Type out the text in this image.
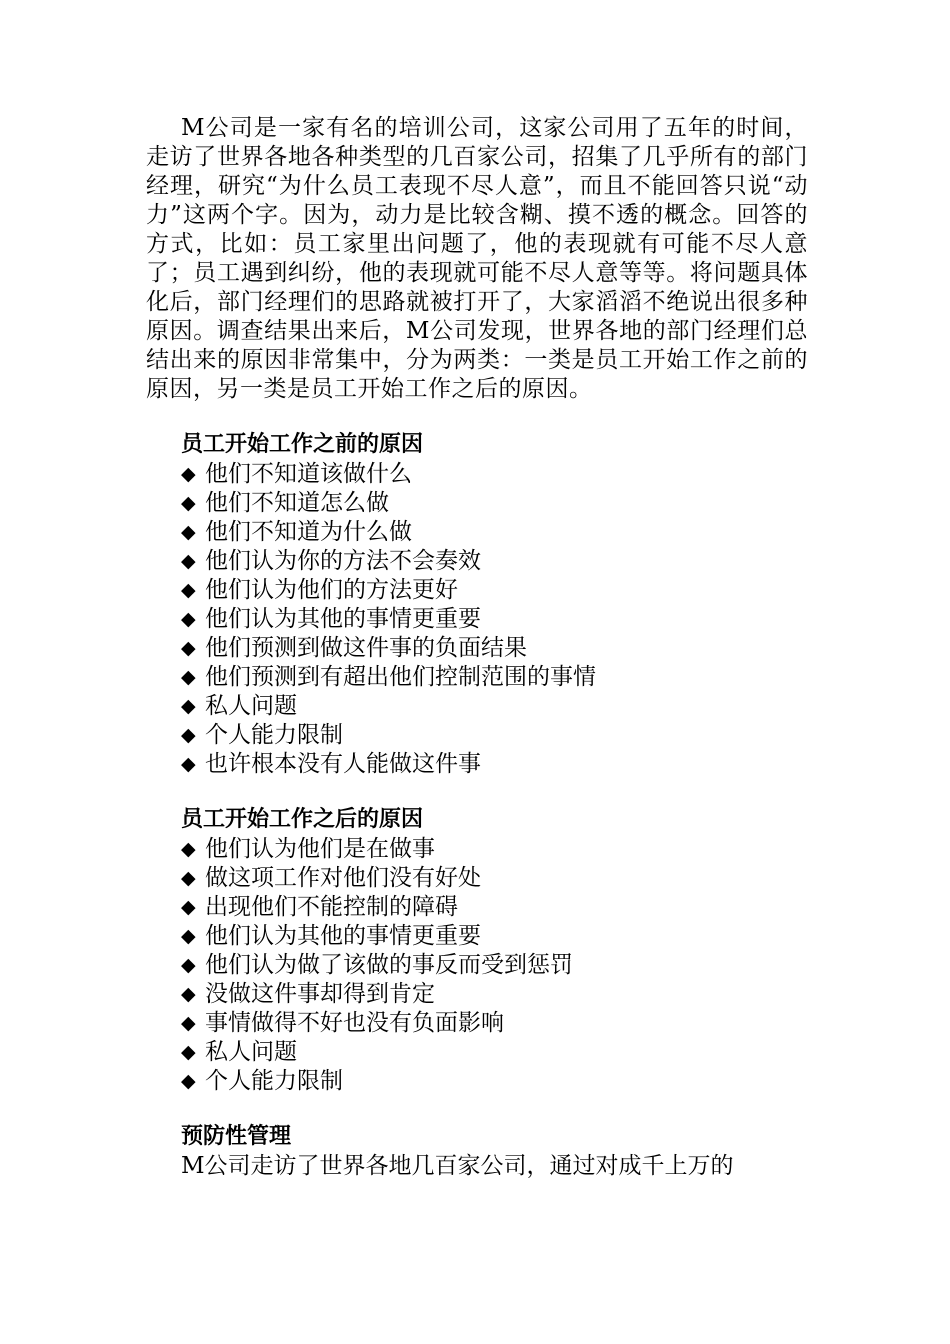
M公司是一家有名的培训公司，这家公司用了五年的时间，走访了世界各地各种类型的几百家公司，招集了几乎所有的部门经理，研究“为什么员工表现不尽人意”，而且不能回答只说“动力”这两个字。因为，动力是比较含糊、摸不透的概念。回答的方式，比如：员工家里出问题了，他的表现就有可能不尽人意了；员工遇到纠纷，他的表现就可能不尽人意等等。将问题具体化后，部门经理们的思路就被打开了，大家滔滔不绝说出很多种原因。调查结果出来后，M公司发现，世界各地的部门经理们总结出来的原因非常集中，分为两类：一类是员工开始工作之前的原因，另一类是员工开始工作之后的原因。

员工开始工作之前的原因
◆ 他们不知道该做什么
◆ 他们不知道怎么做
◆ 他们不知道为什么做
◆ 他们认为你的方法不会奏效
◆ 他们认为他们的方法更好
◆ 他们认为其他的事情更重要
◆ 他们预测到做这件事的负面结果
◆ 他们预测到有超出他们控制范围的事情
◆ 私人问题
◆ 个人能力限制
◆ 也许根本没有人能做这件事
员工开始工作之后的原因
◆ 他们认为他们是在做事
◆ 做这项工作对他们没有好处
◆ 出现他们不能控制的障碍
◆ 他们认为其他的事情更重要
◆ 他们认为做了该做的事反而受到惩罚
◆ 没做这件事却得到肯定
◆ 事情做得不好也没有负面影响
◆ 私人问题
◆ 个人能力限制
预防性管理

M公司走访了世界各地几百家公司，通过对成千上万的
